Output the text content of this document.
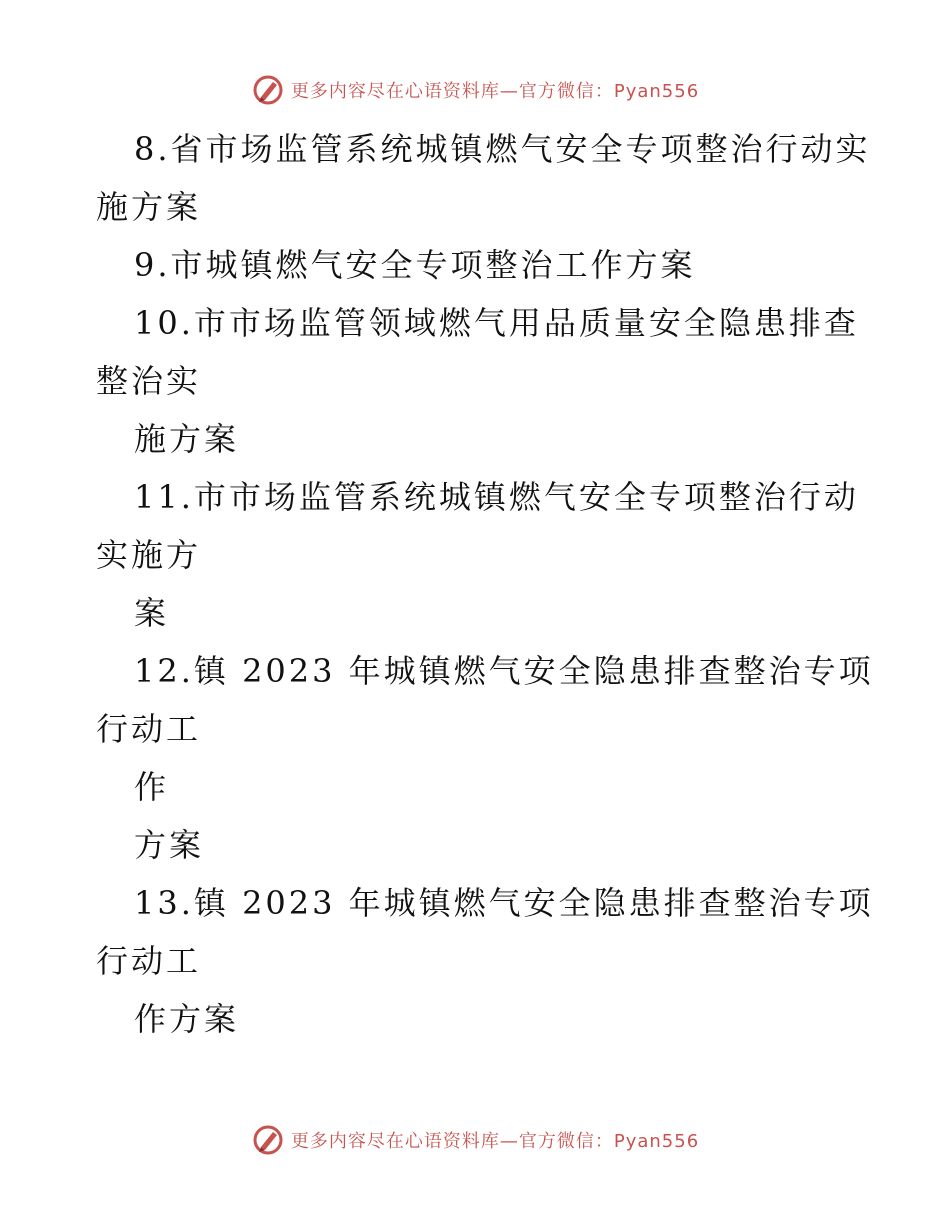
更多内容尽在心语资料库—官方微信：Pyan556
8.省市场监管系统城镇燃气安全专项整治行动实
施方案
9.市城镇燃气安全专项整治工作方案
10.市市场监管领域燃气用品质量安全隐患排查
整治实
施方案
11.市市场监管系统城镇燃气安全专项整治行动
实施方
案
12.镇 2023 年城镇燃气安全隐患排查整治专项
行动工
作
方案
13.镇 2023 年城镇燃气安全隐患排查整治专项
行动工
作方案
更多内容尽在心语资料库—官方微信：Pyan556
